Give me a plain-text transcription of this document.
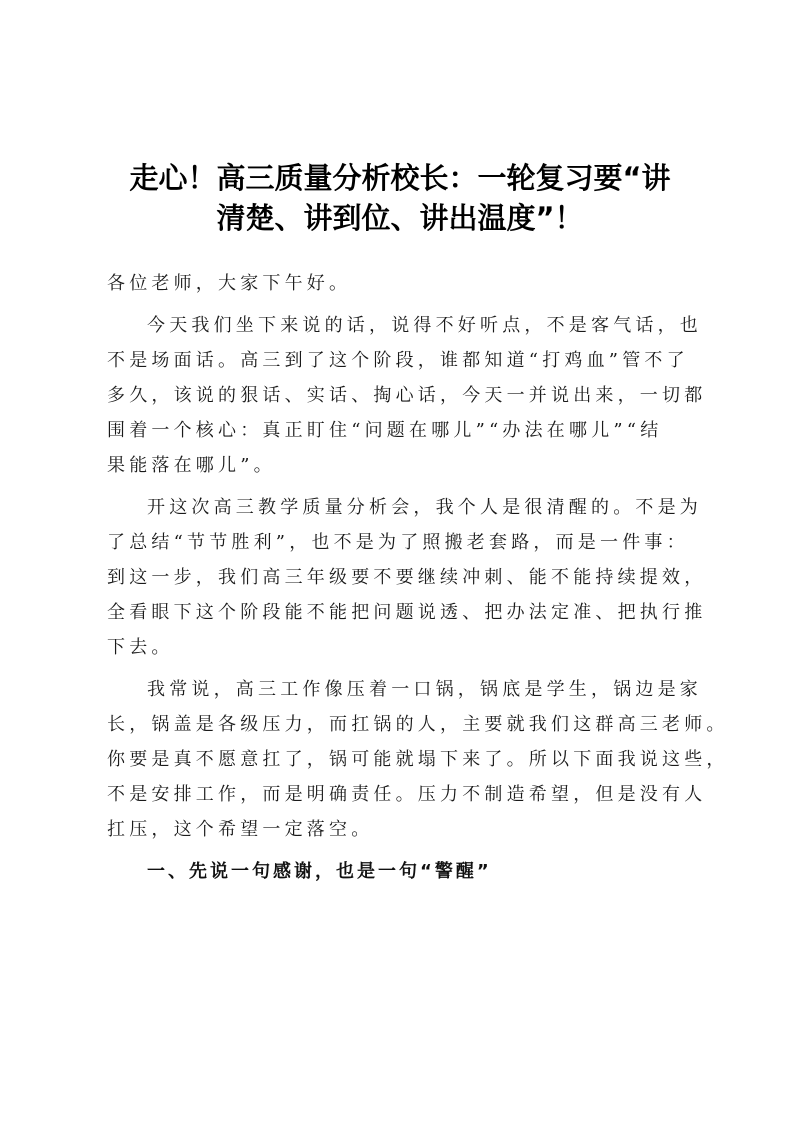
走心！高三质量分析校长：一轮复习要“讲
清楚、讲到位、讲出温度”！
各位老师，大家下午好。
今天我们坐下来说的话，说得不好听点，不是客气话，也
不是场面话。高三到了这个阶段，谁都知道“打鸡血”管不了
多久，该说的狠话、实话、掏心话，今天一并说出来，一切都
围着一个核心：真正盯住“问题在哪儿”“办法在哪儿”“结
果能落在哪儿”。
开这次高三教学质量分析会，我个人是很清醒的。不是为
了总结“节节胜利”，也不是为了照搬老套路，而是一件事：
到这一步，我们高三年级要不要继续冲刺、能不能持续提效，
全看眼下这个阶段能不能把问题说透、把办法定准、把执行推
下去。
我常说，高三工作像压着一口锅，锅底是学生，锅边是家
长，锅盖是各级压力，而扛锅的人，主要就我们这群高三老师。
你要是真不愿意扛了，锅可能就塌下来了。所以下面我说这些，
不是安排工作，而是明确责任。压力不制造希望，但是没有人
扛压，这个希望一定落空。
一、先说一句感谢，也是一句“警醒”
